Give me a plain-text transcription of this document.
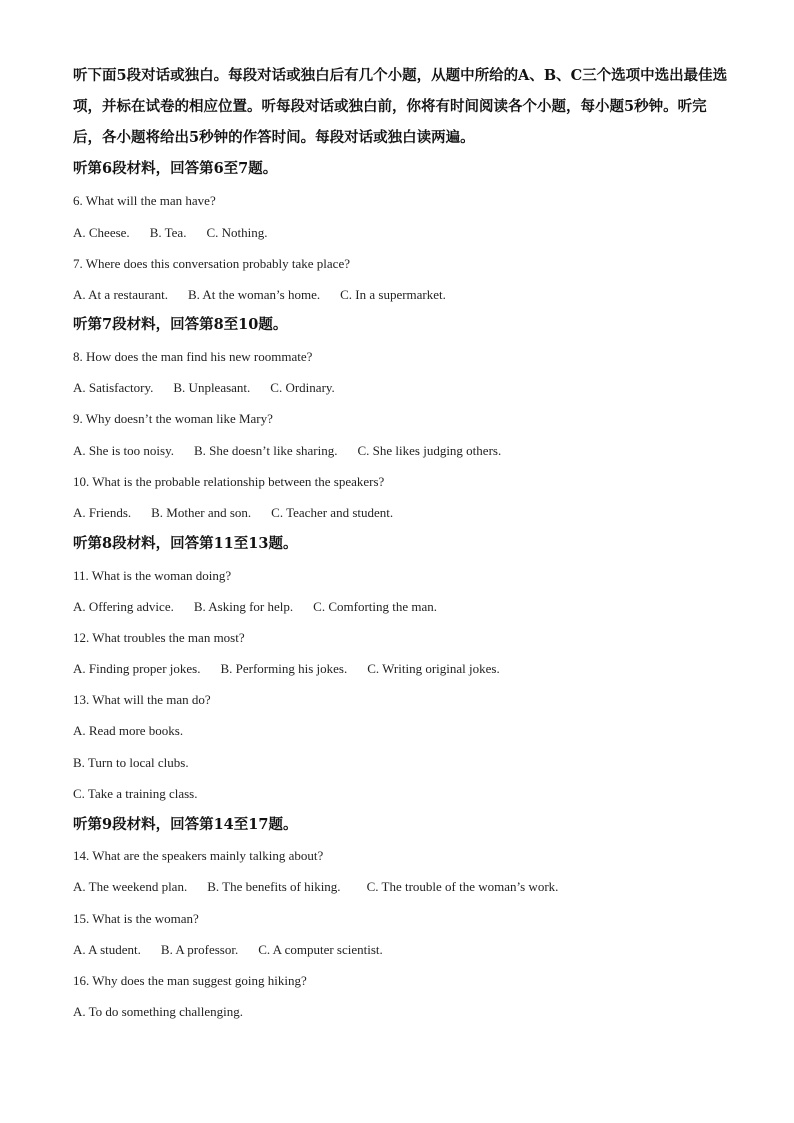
听下面5段对话或独白。每段对话或独白后有几个小题，从题中所给的A、B、C三个选项中选出最佳选项，并标在试卷的相应位置。听每段对话或独白前，你将有时间阅读各个小题，每小题5秒钟。听完后，各小题将给出5秒钟的作答时间。每段对话或独白读两遍。

听第6段材料，回答第6至7题。
6. What will the man have?
A. Cheese. B. Tea. C. Nothing.
7. Where does this conversation probably take place?
A. At a restaurant. B. At the woman’s home. C. In a supermarket.
听第7段材料，回答第8至10题。
8. How does the man find his new roommate?
A. Satisfactory. B. Unpleasant. C. Ordinary.
9. Why doesn’t the woman like Mary?
A. She is too noisy. B. She doesn’t like sharing. C. She likes judging others.
10. What is the probable relationship between the speakers?
A. Friends. B. Mother and son. C. Teacher and student.
听第8段材料，回答第11至13题。
11. What is the woman doing?
A. Offering advice. B. Asking for help. C. Comforting the man.
12. What troubles the man most?
A. Finding proper jokes. B. Performing his jokes. C. Writing original jokes.
13. What will the man do?
A. Read more books.
B. Turn to local clubs.
C. Take a training class.
听第9段材料，回答第14至17题。
14. What are the speakers mainly talking about?
A. The weekend plan. B. The benefits of hiking. C. The trouble of the woman’s work.
15. What is the woman?
A. A student. B. A professor. C. A computer scientist.
16. Why does the man suggest going hiking?
A. To do something challenging.
